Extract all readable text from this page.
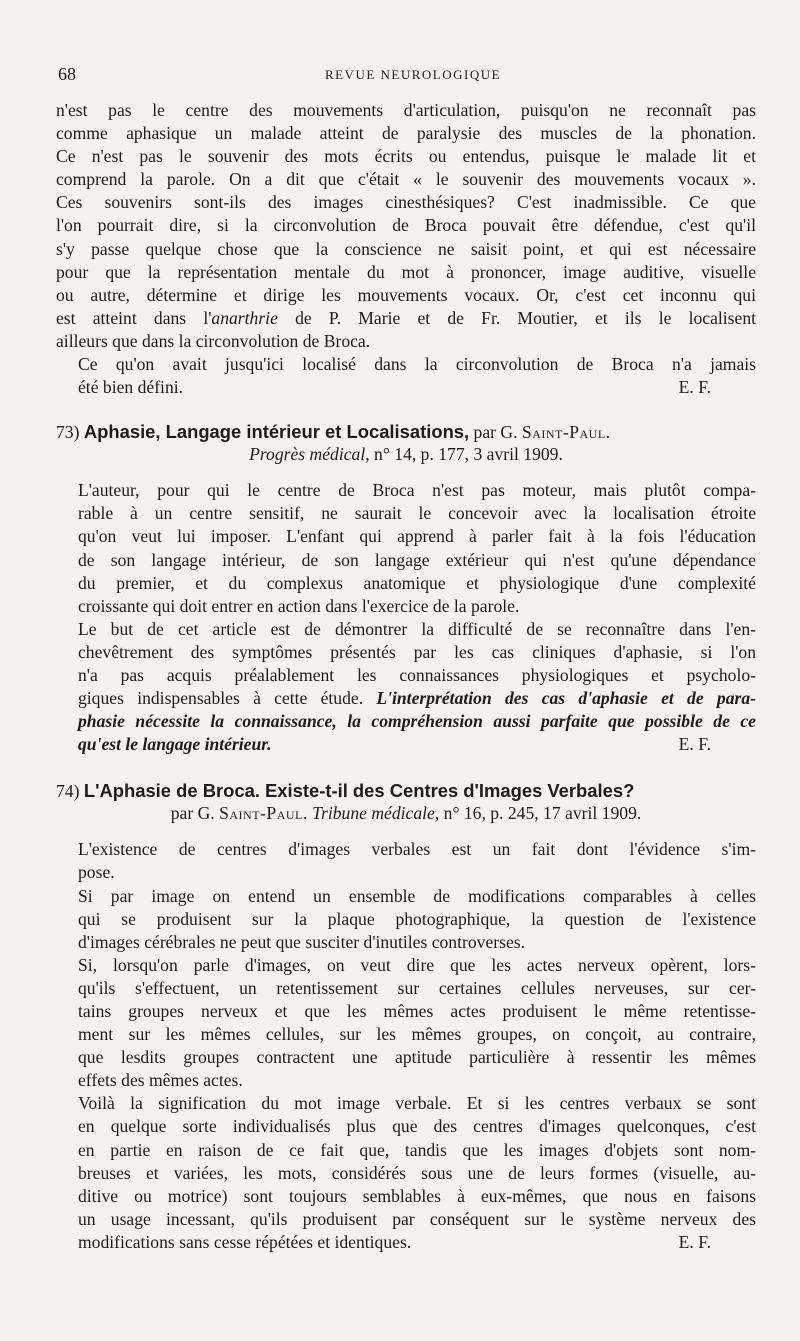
68	REVUE NEUROLOGIQUE

n'est pas le centre des mouvements d'articulation, puisqu'on ne reconnaît pas
comme aphasique un malade atteint de paralysie des muscles de la phonation.
Ce n'est pas le souvenir des mots écrits ou entendus, puisque le malade lit et
comprend la parole. On a dit que c'était « le souvenir des mouvements vocaux ».
Ces souvenirs sont-ils des images cinesthésiques? C'est inadmissible. Ce que
l'on pourrait dire, si la circonvolution de Broca pouvait être défendue, c'est qu'il
s'y passe quelque chose que la conscience ne saisit point, et qui est nécessaire
pour que la représentation mentale du mot à prononcer, image auditive, visuelle
ou autre, détermine et dirige les mouvements vocaux. Or, c'est cet inconnu qui
est atteint dans l'anarthrie de P. Marie et de Fr. Moutier, et ils le localisent
ailleurs que dans la circonvolution de Broca.

Ce qu'on avait jusqu'ici localisé dans la circonvolution de Broca n'a jamais
été bien défini.	E. F.

73) Aphasie, Langage intérieur et Localisations, par G. Saint-Paul.
Progrès médical, n° 14, p. 177, 3 avril 1909.

L'auteur, pour qui le centre de Broca n'est pas moteur, mais plutôt compa-
rable à un centre sensitif, ne saurait le concevoir avec la localisation étroite
qu'on veut lui imposer. L'enfant qui apprend à parler fait à la fois l'éducation
de son langage intérieur, de son langage extérieur qui n'est qu'une dépendance
du premier, et du complexus anatomique et physiologique d'une complexité
croissante qui doit entrer en action dans l'exercice de la parole.

Le but de cet article est de démontrer la difficulté de se reconnaître dans l'en-
chevêtrement des symptômes présentés par les cas cliniques d'aphasie, si l'on
n'a pas acquis préalablement les connaissances physiologiques et psycholo-
giques indispensables à cette étude. L'interprétation des cas d'aphasie et de para-
phasie nécessite la connaissance, la compréhension aussi parfaite que possible de ce
qu'est le langage intérieur.	E. F.

74) L'Aphasie de Broca. Existe-t-il des Centres d'Images Verbales?
par G. Saint-Paul. Tribune médicale, n° 16, p. 245, 17 avril 1909.

L'existence de centres d'images verbales est un fait dont l'évidence s'im-
pose.

Si par image on entend un ensemble de modifications comparables à celles
qui se produisent sur la plaque photographique, la question de l'existence
d'images cérébrales ne peut que susciter d'inutiles controverses.

Si, lorsqu'on parle d'images, on veut dire que les actes nerveux opèrent, lors-
qu'ils s'effectuent, un retentissement sur certaines cellules nerveuses, sur cer-
tains groupes nerveux et que les mêmes actes produisent le même retentisse-
ment sur les mêmes cellules, sur les mêmes groupes, on conçoit, au contraire,
que lesdits groupes contractent une aptitude particulière à ressentir les mêmes
effets des mêmes actes.

Voilà la signification du mot image verbale. Et si les centres verbaux se sont
en quelque sorte individualisés plus que des centres d'images quelconques, c'est
en partie en raison de ce fait que, tandis que les images d'objets sont nom-
breuses et variées, les mots, considérés sous une de leurs formes (visuelle, au-
ditive ou motrice) sont toujours semblables à eux-mêmes, que nous en faisons
un usage incessant, qu'ils produisent par conséquent sur le système nerveux des
modifications sans cesse répétées et identiques.	E. F.
